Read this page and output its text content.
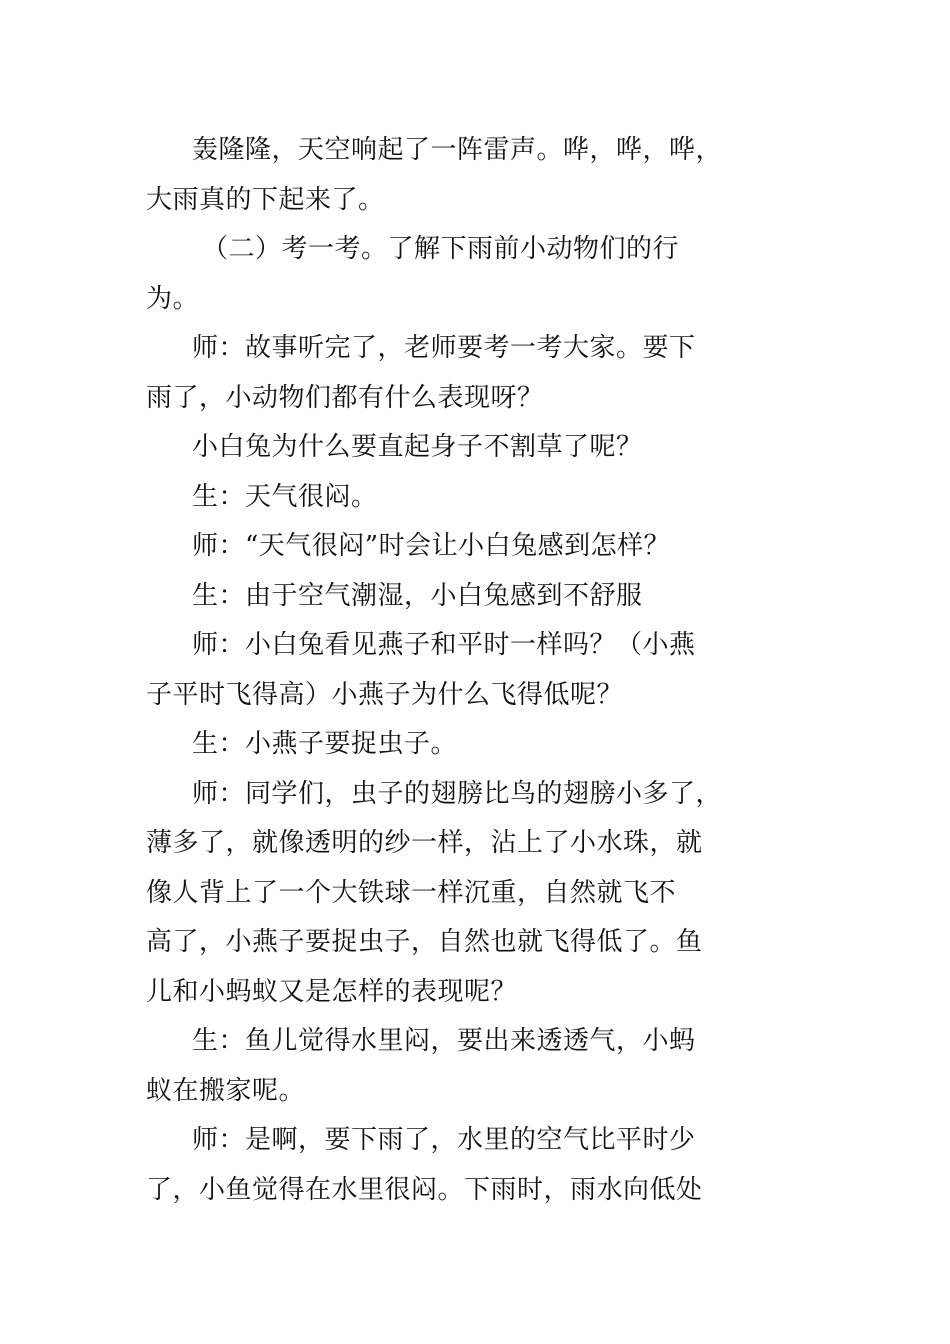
轰隆隆，天空响起了一阵雷声。哗，哗，哗，
大雨真的下起来了。
（二）考一考。了解下雨前小动物们的行
为。
师：故事听完了，老师要考一考大家。要下
雨了，小动物们都有什么表现呀？
小白兔为什么要直起身子不割草了呢？
生：天气很闷。
师：“天气很闷”时会让小白兔感到怎样？
生：由于空气潮湿，小白兔感到不舒服
师：小白兔看见燕子和平时一样吗？（小燕
子平时飞得高）小燕子为什么飞得低呢？
生：小燕子要捉虫子。
师：同学们，虫子的翅膀比鸟的翅膀小多了，
薄多了，就像透明的纱一样，沾上了小水珠，就
像人背上了一个大铁球一样沉重，自然就飞不
高了，小燕子要捉虫子，自然也就飞得低了。鱼
儿和小蚂蚁又是怎样的表现呢？
生：鱼儿觉得水里闷，要出来透透气，小蚂
蚁在搬家呢。
师：是啊，要下雨了，水里的空气比平时少
了，小鱼觉得在水里很闷。下雨时，雨水向低处
